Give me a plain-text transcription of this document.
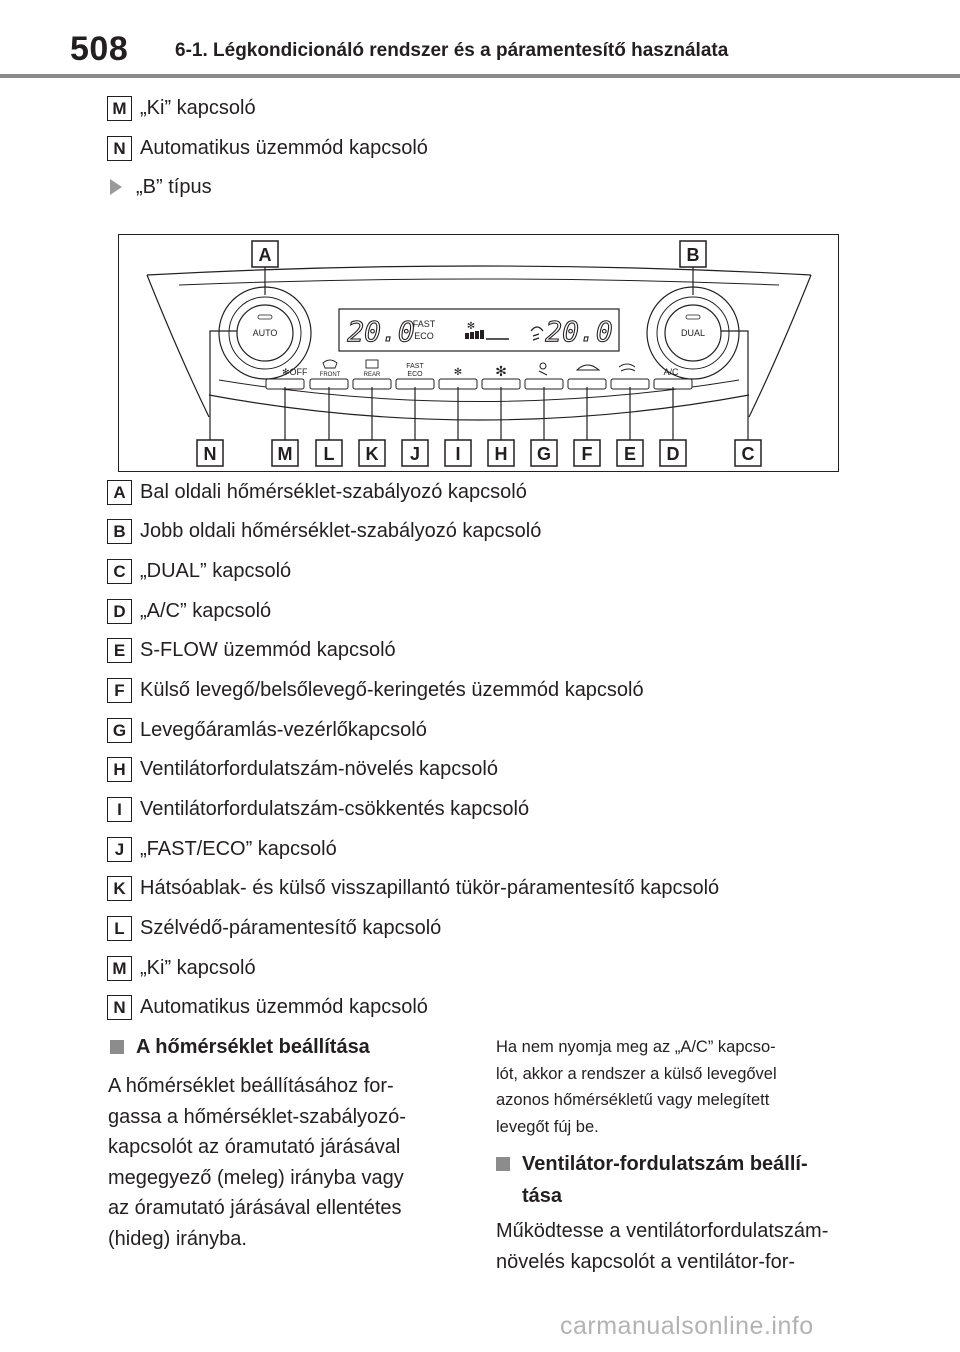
508 6-1. Légkondicionáló rendszer és a páramentesítő használata
M „Ki” kapcsoló
N Automatikus üzemmód kapcsoló
„B” típus
AUTO	DUAL
20.0
FAST
ECO
✻	20.0
✻OFF FRONT	REAR
FAST
ECO	✻ ✻	A/C
A	B
N	M L K J I H G F E D	C
A Bal oldali hőmérséklet-szabályozó kapcsoló
B Jobb oldali hőmérséklet-szabályozó kapcsoló
C „DUAL” kapcsoló
D „A/C” kapcsoló
E S-FLOW üzemmód kapcsoló
F Külső levegő/belsőlevegő-keringetés üzemmód kapcsoló
G Levegőáramlás-vezérlőkapcsoló
H Ventilátorfordulatszám-növelés kapcsoló
I Ventilátorfordulatszám-csökkentés kapcsoló
J „FAST/ECO” kapcsoló
K Hátsóablak- és külső visszapillantó tükör-páramentesítő kapcsoló
L Szélvédő-páramentesítő kapcsoló
M „Ki” kapcsoló
N Automatikus üzemmód kapcsoló
A hőmérséklet beállítása
A hőmérséklet beállításához for-
gassa a hőmérséklet-szabályozó-
kapcsolót az óramutató járásával
megegyező (meleg) irányba vagy
az óramutató járásával ellentétes
(hideg) irányba.
Ha nem nyomja meg az „A/C” kapcso-
lót, akkor a rendszer a külső levegővel
azonos hőmérsékletű vagy melegített
levegőt fúj be.
Ventilátor-fordulatszám beállí-
tása
Működtesse a ventilátorfordulatszám-
növelés kapcsolót a ventilátor-for-
carmanualsonline.info
